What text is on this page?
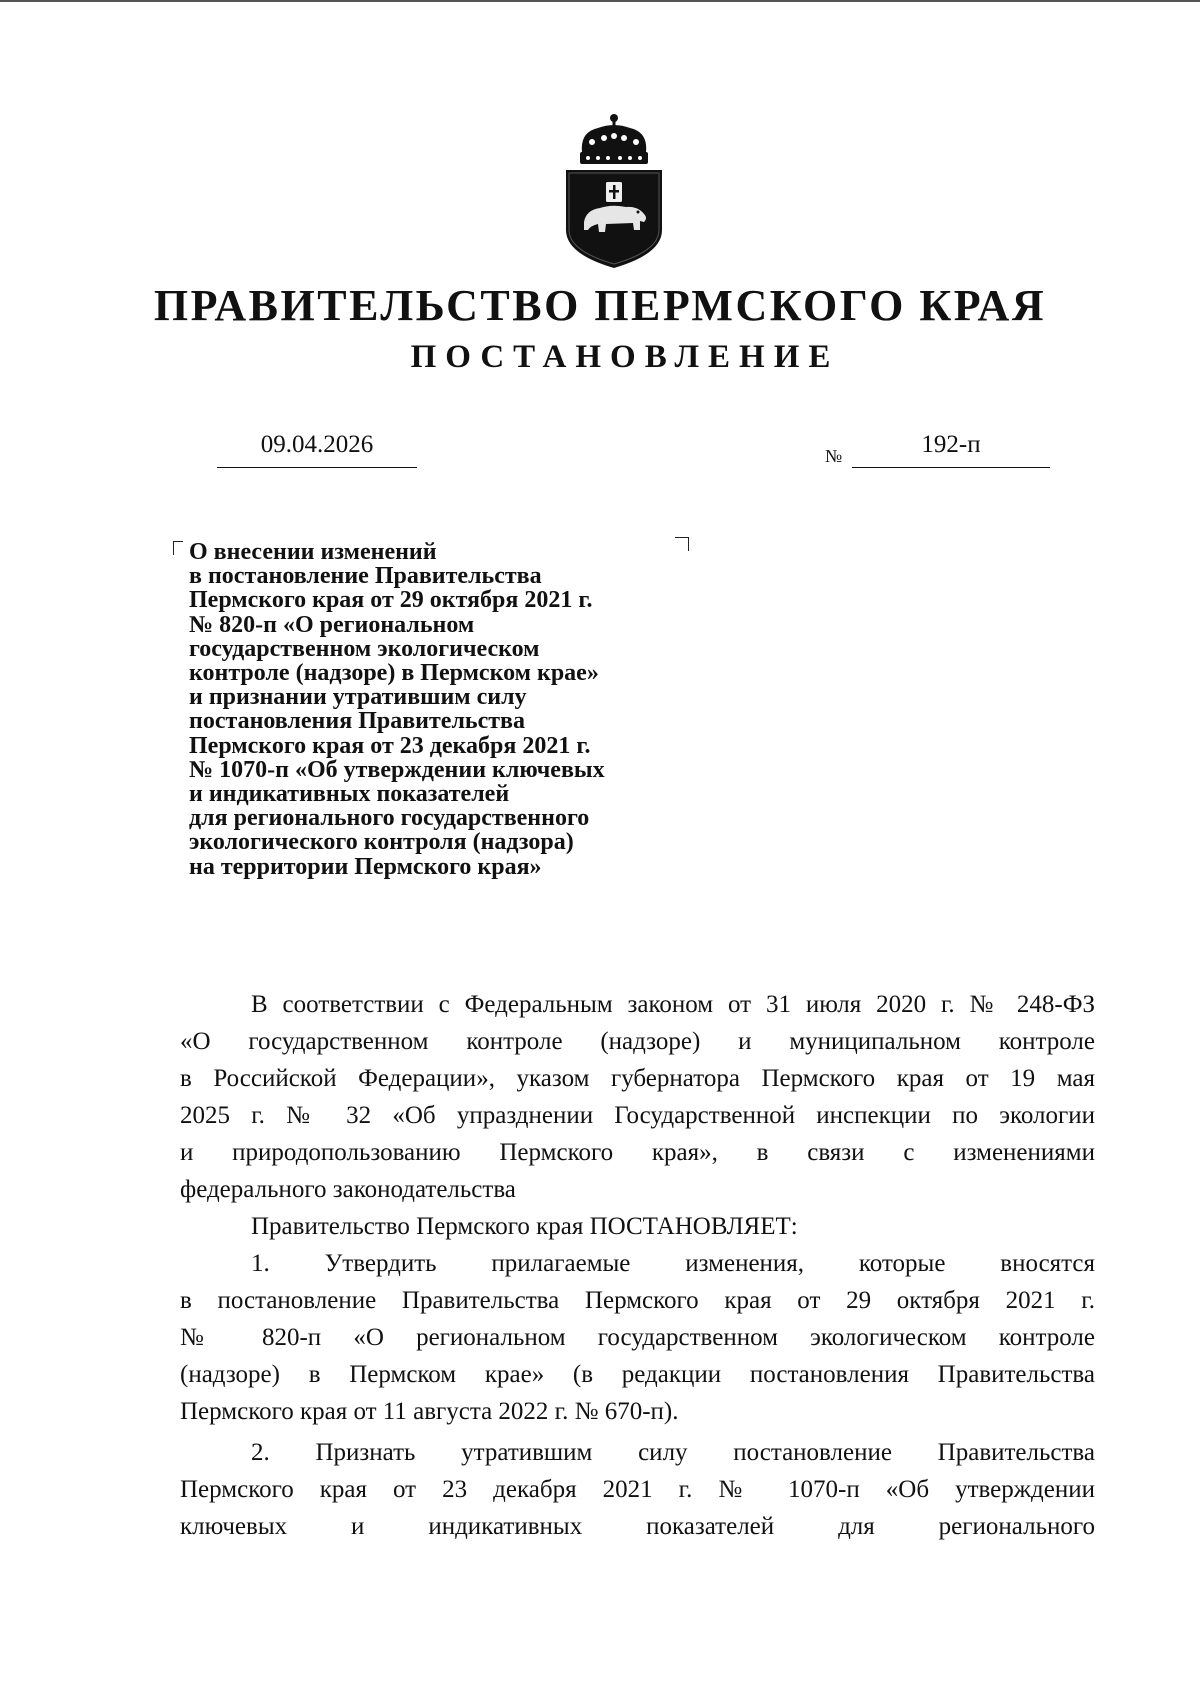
ПРАВИТЕЛЬСТВО ПЕРМСКОГО КРАЯ
ПОСТАНОВЛЕНИЕ
09.04.2026	№	192-п

О внесении изменений
в постановление Правительства
Пермского края от 29 октября 2021 г.
№ 820-п «О региональном
государственном экологическом
контроле (надзоре) в Пермском крае»
и признании утратившим силу
постановления Правительства
Пермского края от 23 декабря 2021 г.
№ 1070-п «Об утверждении ключевых
и индикативных показателей
для регионального государственного
экологического контроля (надзора)
на территории Пермского края»

В соответствии с Федеральным законом от 31 июля 2020 г. № 248-ФЗ
«О государственном контроле (надзоре) и муниципальном контроле
в Российской Федерации», указом губернатора Пермского края от 19 мая
2025 г. № 32 «Об упразднении Государственной инспекции по экологии
и природопользованию Пермского края», в связи с изменениями
федерального законодательства
Правительство Пермского края ПОСТАНОВЛЯЕТ:
1. Утвердить прилагаемые изменения, которые вносятся
в постановление Правительства Пермского края от 29 октября 2021 г.
№ 820-п «О региональном государственном экологическом контроле
(надзоре) в Пермском крае» (в редакции постановления Правительства
Пермского края от 11 августа 2022 г. № 670-п).
2. Признать утратившим силу постановление Правительства
Пермского края от 23 декабря 2021 г. № 1070-п «Об утверждении
ключевых и индикативных показателей для регионального
